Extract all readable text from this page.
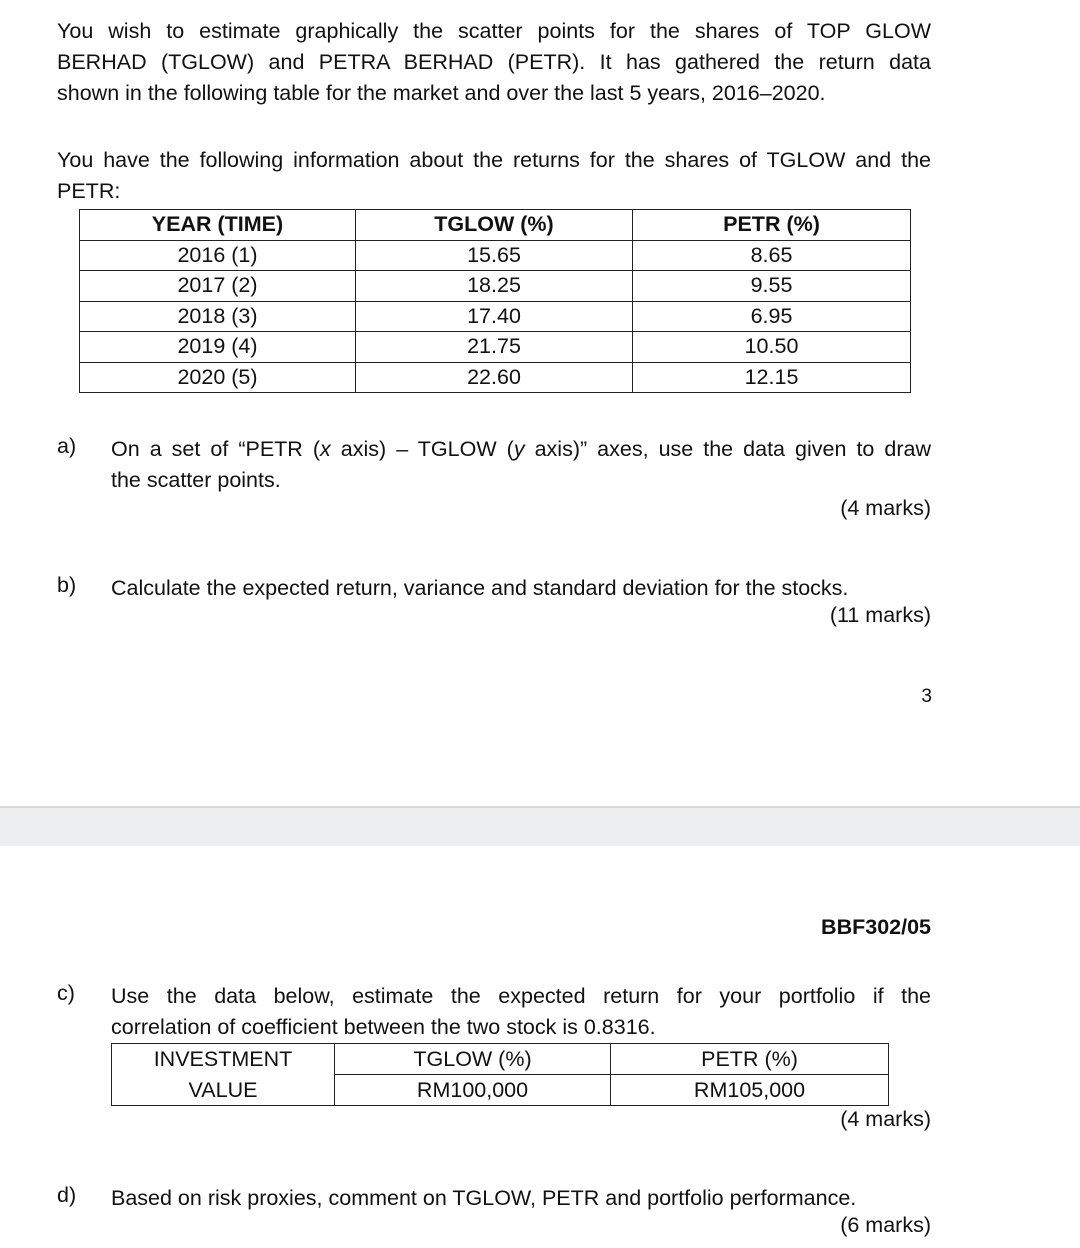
You wish to estimate graphically the scatter points for the shares of TOP GLOW
BERHAD (TGLOW) and PETRA BERHAD (PETR). It has gathered the return data
shown in the following table for the market and over the last 5 years, 2016–2020.
You have the following information about the returns for the shares of TGLOW and the
PETR:
YEAR (TIME)	TGLOW (%)	PETR (%)
2016 (1)	15.65	8.65
2017 (2)	18.25	9.55
2018 (3)	17.40	6.95
2019 (4)	21.75	10.50
2020 (5)	22.60	12.15
a) On a set of “PETR (x axis) – TGLOW (y axis)” axes, use the data given to draw
the scatter points.
(4 marks)
b) Calculate the expected return, variance and standard deviation for the stocks.
(11 marks)
3
BBF302/05
c) Use the data below, estimate the expected return for your portfolio if the
correlation of coefficient between the two stock is 0.8316.
INVESTMENT	TGLOW (%)	PETR (%)
VALUE	RM100,000	RM105,000
(4 marks)
d) Based on risk proxies, comment on TGLOW, PETR and portfolio performance.
(6 marks)
